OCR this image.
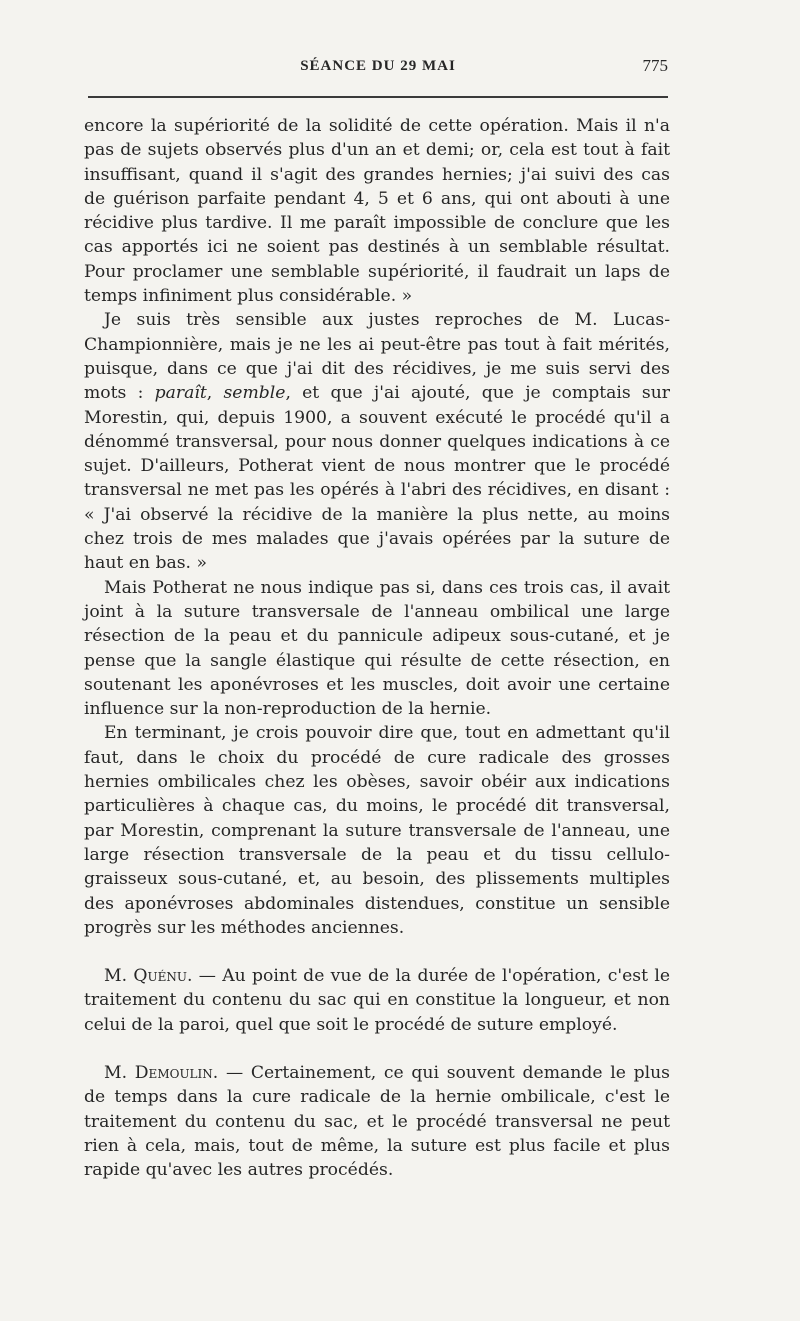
SÉANCE DU 29 MAI	775

encore la supériorité de la solidité de cette opération. Mais il n'a pas de sujets observés plus d'un an et demi; or, cela est tout à fait insuffisant, quand il s'agit des grandes hernies; j'ai suivi des cas de guérison parfaite pendant 4, 5 et 6 ans, qui ont abouti à une récidive plus tardive. Il me paraît impossible de conclure que les cas apportés ici ne soient pas destinés à un semblable résultat. Pour proclamer une semblable supériorité, il faudrait un laps de temps infiniment plus considérable. »

Je suis très sensible aux justes reproches de M. Lucas-Championnière, mais je ne les ai peut-être pas tout à fait mérités, puisque, dans ce que j'ai dit des récidives, je me suis servi des mots : paraît, semble, et que j'ai ajouté, que je comptais sur Morestin, qui, depuis 1900, a souvent exécuté le procédé qu'il a dénommé transversal, pour nous donner quelques indications à ce sujet. D'ailleurs, Potherat vient de nous montrer que le procédé transversal ne met pas les opérés à l'abri des récidives, en disant : « J'ai observé la récidive de la manière la plus nette, au moins chez trois de mes malades que j'avais opérées par la suture de haut en bas. »

Mais Potherat ne nous indique pas si, dans ces trois cas, il avait joint à la suture transversale de l'anneau ombilical une large résection de la peau et du pannicule adipeux sous-cutané, et je pense que la sangle élastique qui résulte de cette résection, en soutenant les aponévroses et les muscles, doit avoir une certaine influence sur la non-reproduction de la hernie.

En terminant, je crois pouvoir dire que, tout en admettant qu'il faut, dans le choix du procédé de cure radicale des grosses hernies ombilicales chez les obèses, savoir obéir aux indications particulières à chaque cas, du moins, le procédé dit transversal, par Morestin, comprenant la suture transversale de l'anneau, une large résection transversale de la peau et du tissu cellulo-graisseux sous-cutané, et, au besoin, des plissements multiples des aponévroses abdominales distendues, constitue un sensible progrès sur les méthodes anciennes.

M. Quénu. — Au point de vue de la durée de l'opération, c'est le traitement du contenu du sac qui en constitue la longueur, et non celui de la paroi, quel que soit le procédé de suture employé.

M. Demoulin. — Certainement, ce qui souvent demande le plus de temps dans la cure radicale de la hernie ombilicale, c'est le traitement du contenu du sac, et le procédé transversal ne peut rien à cela, mais, tout de même, la suture est plus facile et plus rapide qu'avec les autres procédés.
